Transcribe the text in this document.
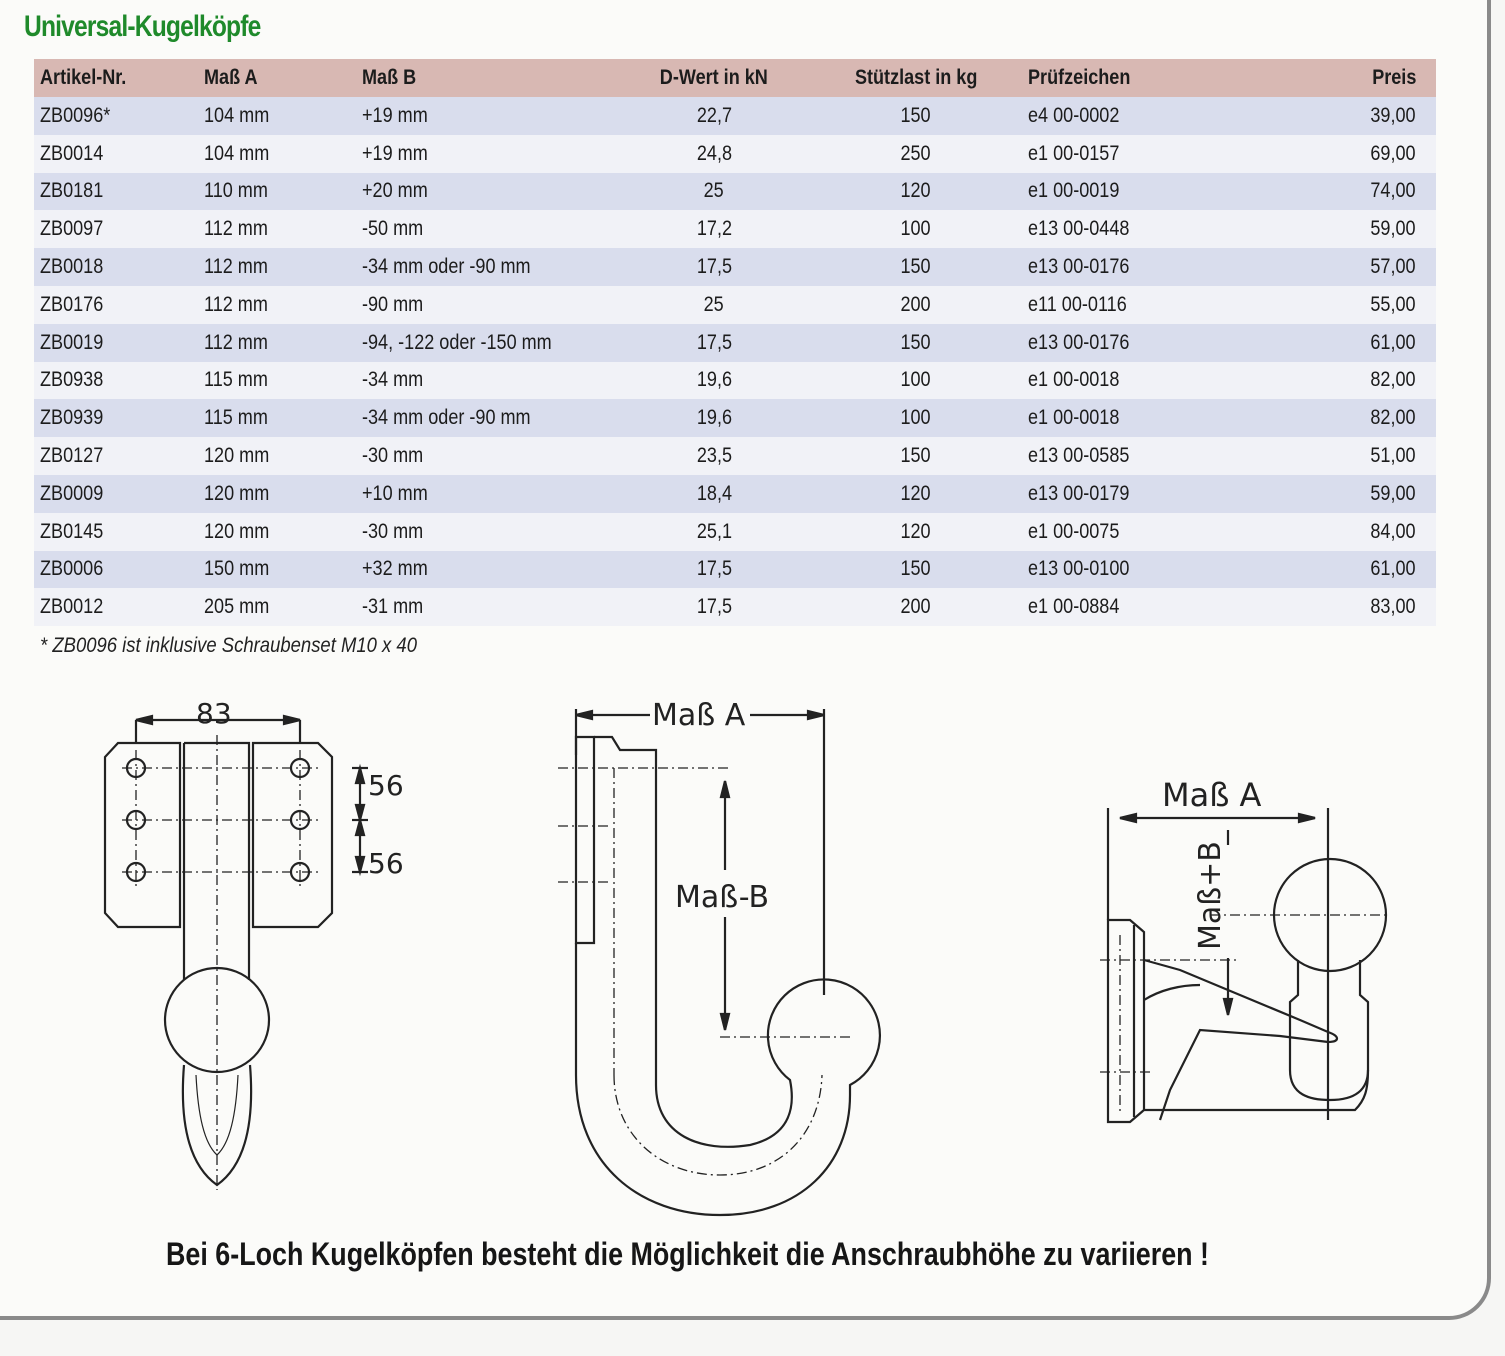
Universal-Kugelköpfe
Artikel-Nr.	Maß A	Maß B	D-Wert in kN	Stützlast in kg	Prüfzeichen	Preis
ZB0096*	104 mm	+19 mm	22,7	150	e4 00-0002	39,00
ZB0014	104 mm	+19 mm	24,8	250	e1 00-0157	69,00
ZB0181	110 mm	+20 mm	25	120	e1 00-0019	74,00
ZB0097	112 mm	-50 mm	17,2	100	e13 00-0448	59,00
ZB0018	112 mm	-34 mm oder -90 mm	17,5	150	e13 00-0176	57,00
ZB0176	112 mm	-90 mm	25	200	e11 00-0116	55,00
ZB0019	112 mm	-94, -122 oder -150 mm	17,5	150	e13 00-0176	61,00
ZB0938	115 mm	-34 mm	19,6	100	e1 00-0018	82,00
ZB0939	115 mm	-34 mm oder -90 mm	19,6	100	e1 00-0018	82,00
ZB0127	120 mm	-30 mm	23,5	150	e13 00-0585	51,00
ZB0009	120 mm	+10 mm	18,4	120	e13 00-0179	59,00
ZB0145	120 mm	-30 mm	25,1	120	e1 00-0075	84,00
ZB0006	150 mm	+32 mm	17,5	150	e13 00-0100	61,00
ZB0012	205 mm	-31 mm	17,5	200	e1 00-0884	83,00
* ZB0096 ist inklusive Schraubenset M10 x 40
83
56
56
Maß A
Maß-B
Maß A
Maß+B

Bei 6-Loch Kugelköpfen besteht die Möglichkeit die Anschraubhöhe zu variieren !
